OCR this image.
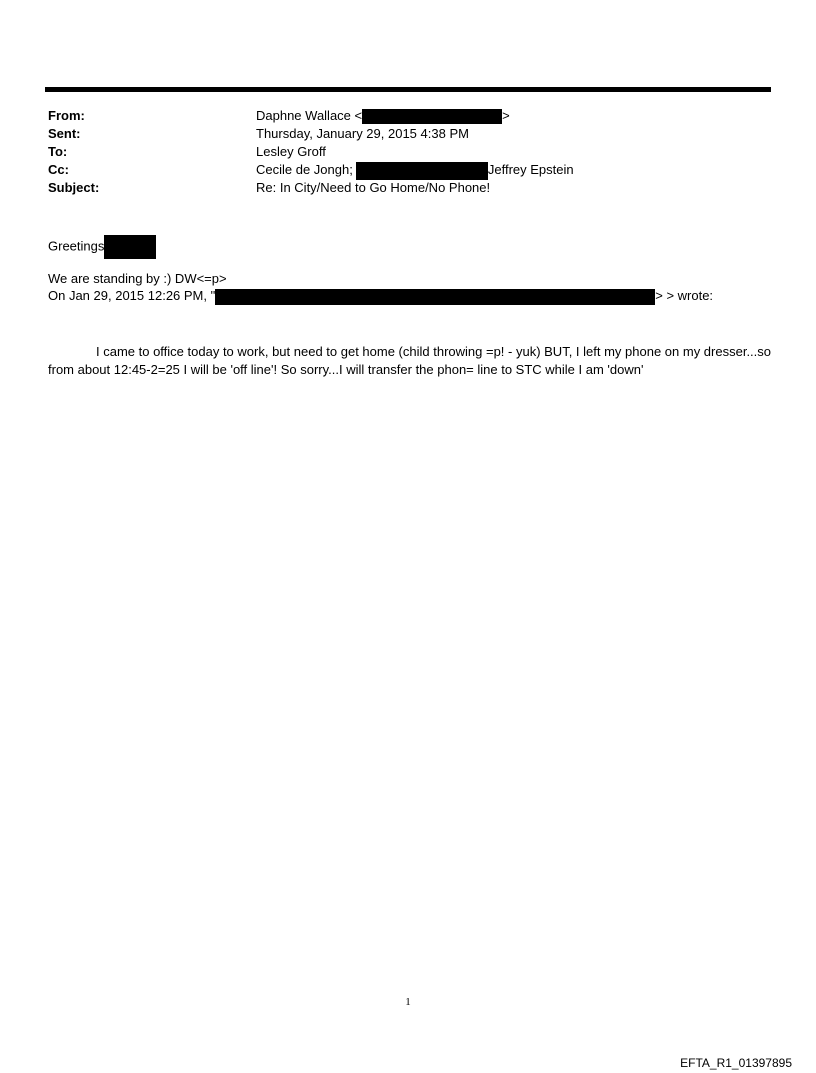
From:	Daphne Wallace <	>
Sent:	Thursday, January 29, 2015 4:38 PM
To:	Lesley Groff
Cc:	Cecile de Jongh;	Jeffrey Epstein
Subject:	Re: In City/Need to Go Home/No Phone!
Greetings
We are standing by :) DW<=p>
On Jan 29, 2015 12:26 PM, "	> > wrote:
I came to office today to work, but need to get home (child throwing =p! - yuk) BUT, I left my phone on my dresser...so from about 12:45-2=25 I will be 'off line'! So sorry...I will transfer the phon= line to STC while I am 'down'
1
EFTA_R1_01397895
